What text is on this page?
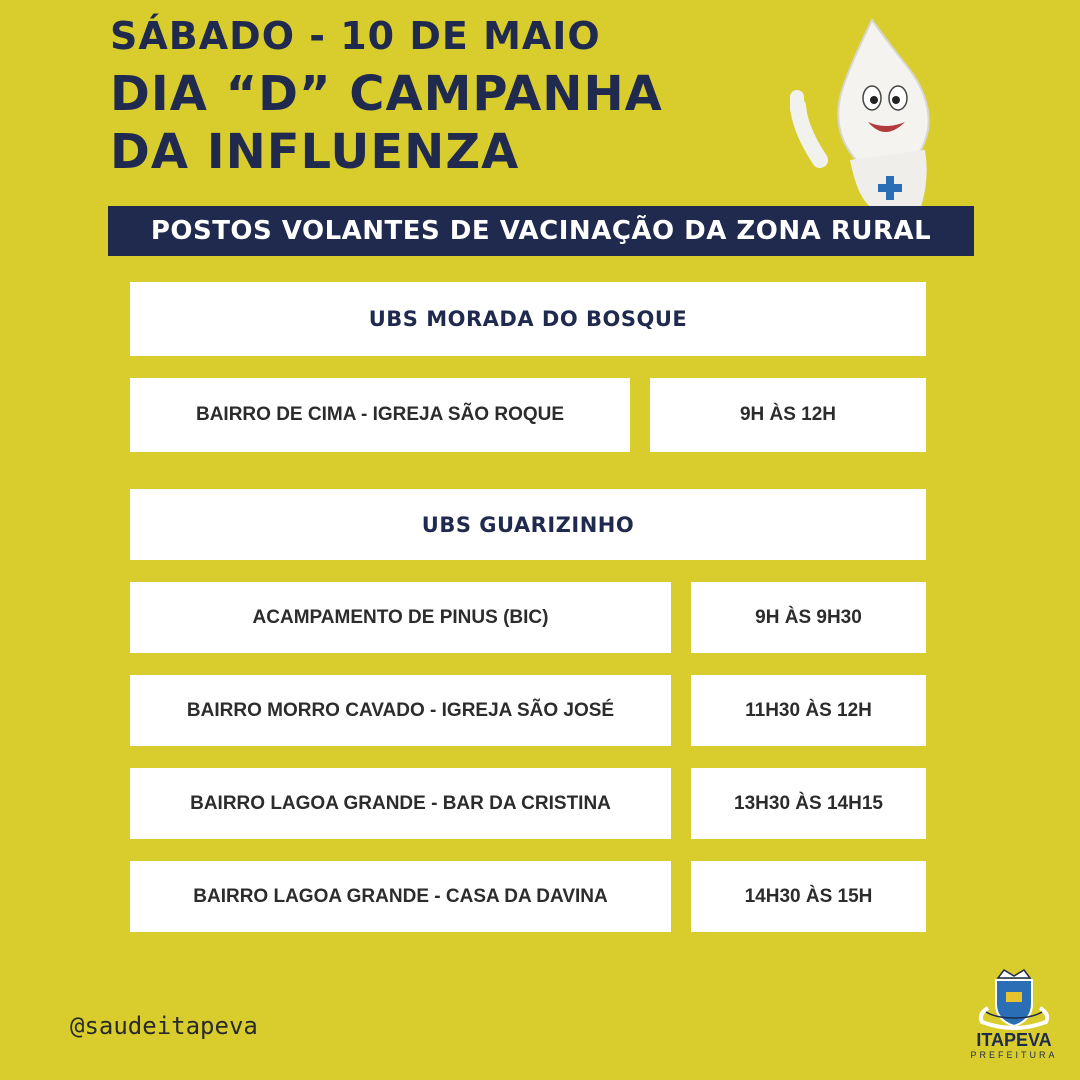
SÁBADO - 10 DE MAIO
DIA “D” CAMPANHA
DA INFLUENZA
POSTOS VOLANTES DE VACINAÇÃO DA ZONA RURAL
UBS MORADA DO BOSQUE
BAIRRO DE CIMA - IGREJA SÃO ROQUE	9H ÀS 12H
UBS GUARIZINHO
ACAMPAMENTO DE PINUS (BIC)	9H ÀS 9H30
BAIRRO MORRO CAVADO - IGREJA SÃO JOSÉ	11H30 ÀS 12H
BAIRRO LAGOA GRANDE - BAR DA CRISTINA	13H30 ÀS 14H15
BAIRRO LAGOA GRANDE - CASA DA DAVINA	14H30 ÀS 15H
@saudeitapeva	ITAPEVA
PREFEITURA
